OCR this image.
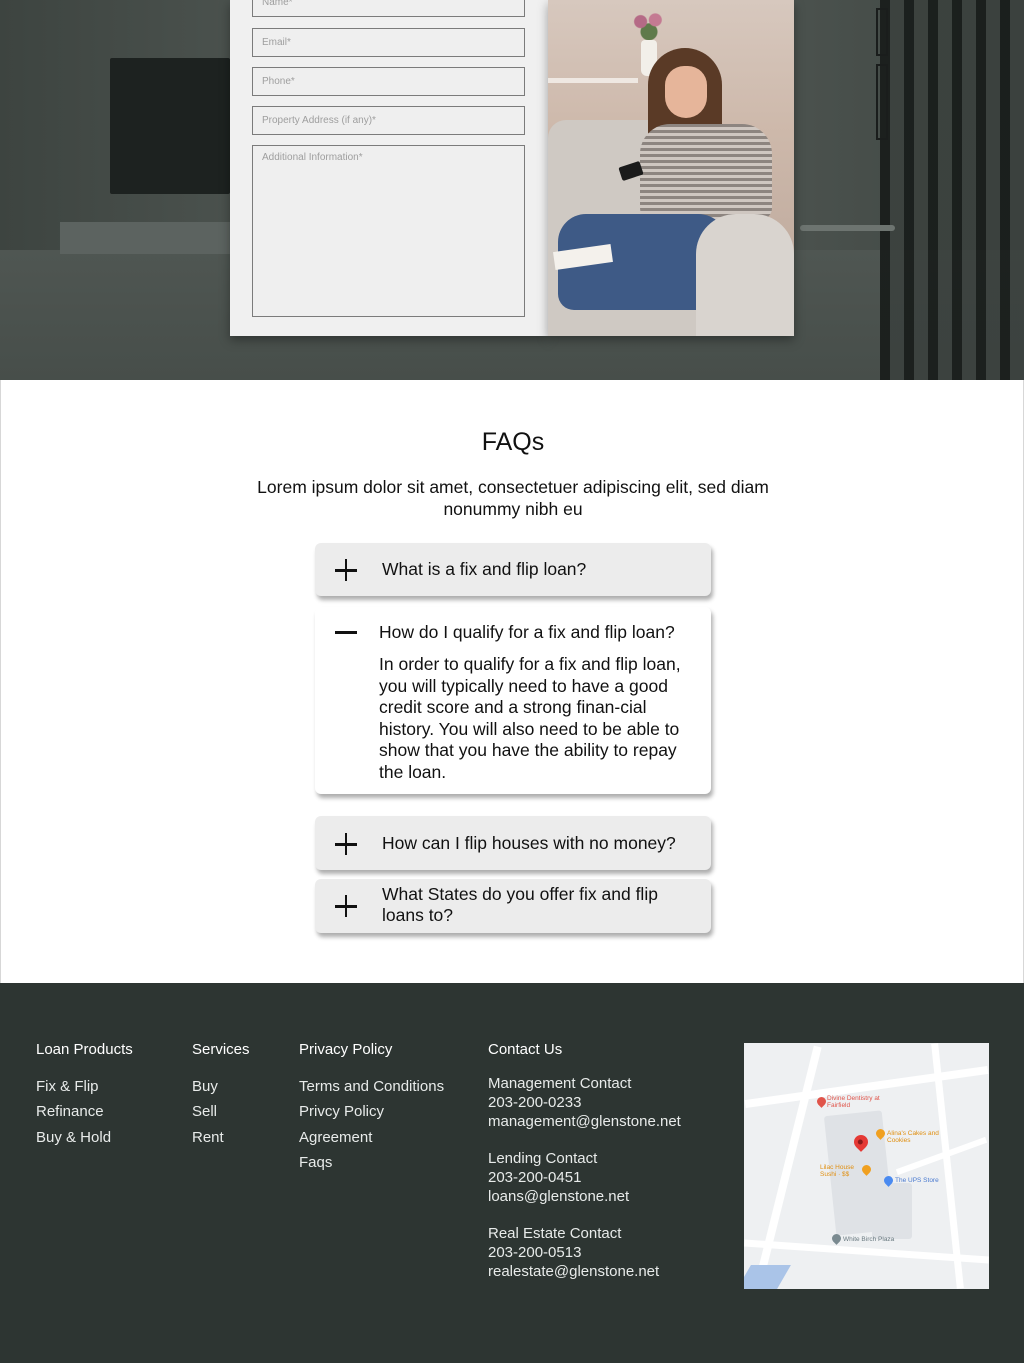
Name*
Email*
Phone*
Property Address (if any)*
Additional Information*
FAQs

Lorem ipsum dolor sit amet, consectetuer adipiscing elit, sed diam nonummy nibh eu

What is a fix and flip loan?
How do I qualify for a fix and flip loan?

In order to qualify for a fix and flip loan, you will typically need to have a good credit score and a strong finan-cial history. You will also need to be able to show that you have the ability to repay the loan.

How can I flip houses with no money?
What States do you offer fix and flip loans to?
Loan Products
Fix & Flip
Refinance
Buy & Hold
Services
Buy
Sell
Rent
Privacy Policy
Terms and Conditions
Privcy Policy
Agreement
Faqs
Contact Us
Management Contact
203-200-0233
management@glenstone.net
Lending Contact
203-200-0451
loans@glenstone.net
Real Estate Contact
203-200-0513
realestate@glenstone.net
Divine Dentistry at Fairfield
Alina's Cakes and Cookies
Lilac House Sushi · $$
The UPS Store
White Birch Plaza
